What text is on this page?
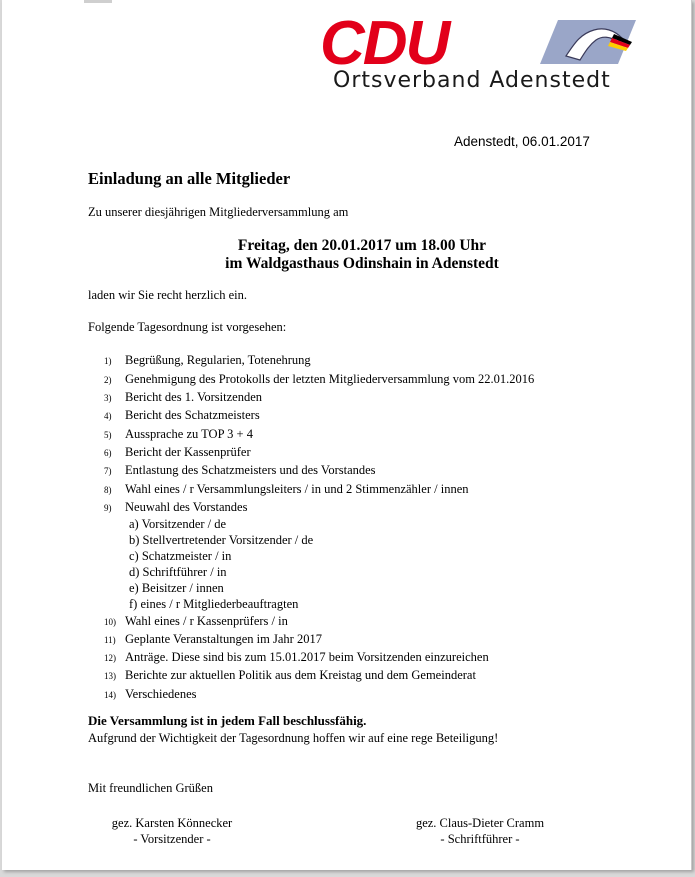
CDU
Ortsverband Adenstedt
Adenstedt, 06.01.2017
Einladung an alle Mitglieder
Zu unserer diesjährigen Mitgliederversammlung am
Freitag, den 20.01.2017 um 18.00 Uhr
im Waldgasthaus Odinshain in Adenstedt
laden wir Sie recht herzlich ein.
Folgende Tagesordnung ist vorgesehen:
1) Begrüßung, Regularien, Totenehrung
2) Genehmigung des Protokolls der letzten Mitgliederversammlung vom 22.01.2016
3) Bericht des 1. Vorsitzenden
4) Bericht des Schatzmeisters
5) Aussprache zu TOP 3 + 4
6) Bericht der Kassenprüfer
7) Entlastung des Schatzmeisters und des Vorstandes
8) Wahl eines / r Versammlungsleiters / in und 2 Stimmenzähler / innen
9) Neuwahl des Vorstandes
a) Vorsitzender / de
b) Stellvertretender Vorsitzender / de
c) Schatzmeister / in
d) Schriftführer / in
e) Beisitzer / innen
f) eines / r Mitgliederbeauftragten
10) Wahl eines / r Kassenprüfers / in
11) Geplante Veranstaltungen im Jahr 2017
12) Anträge. Diese sind bis zum 15.01.2017 beim Vorsitzenden einzureichen
13) Berichte zur aktuellen Politik aus dem Kreistag und dem Gemeinderat
14) Verschiedenes
Die Versammlung ist in jedem Fall beschlussfähig.
Aufgrund der Wichtigkeit der Tagesordnung hoffen wir auf eine rege Beteiligung!
Mit freundlichen Grüßen
gez. Karsten Könnecker
- Vorsitzender -
gez. Claus-Dieter Cramm
- Schriftführer -
